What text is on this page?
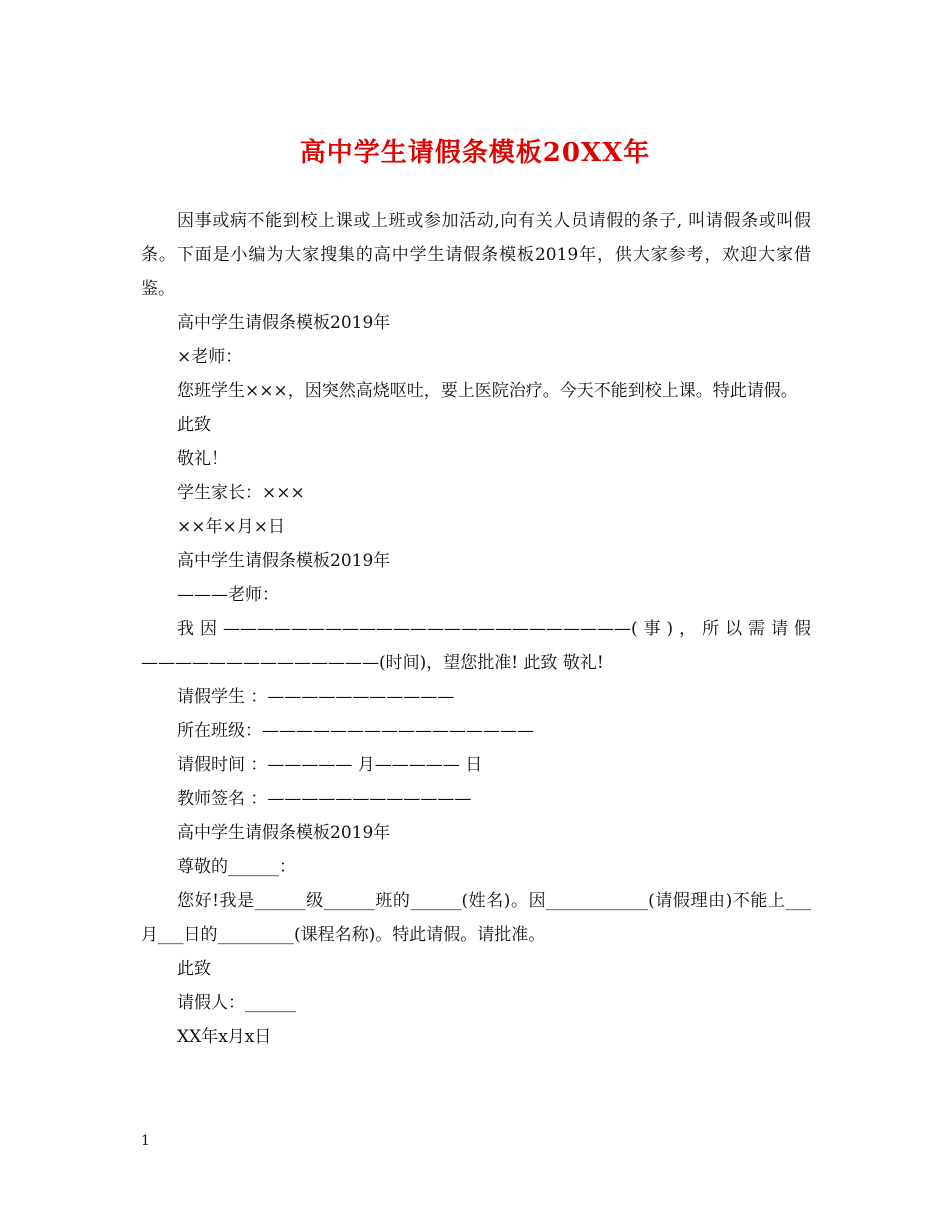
高中学生请假条模板20XX年

因事或病不能到校上课或上班或参加活动,向有关人员请假的条子, 叫请假条或叫假条。下面是小编为大家搜集的高中学生请假条模板2019年，供大家参考，欢迎大家借鉴。

高中学生请假条模板2019年

×老师：

您班学生×××，因突然高烧呕吐，要上医院治疗。今天不能到校上课。特此请假。

此致

敬礼！

学生家长：×××

××年×月×日

高中学生请假条模板2019年

———老师：

我因————————————————————————(事)，所以需请假——————————————(时间)，望您批准! 此致 敬礼!

请假学生 ：———————————

所在班级：————————————————

请假时间 ：————— 月————— 日

教师签名 ：————————————

高中学生请假条模板2019年

尊敬的______：

您好!我是______级______班的______(姓名)。因____________(请假理由)不能上___月___日的_________(课程名称)。特此请假。请批准。

此致

请假人：______

XX年x月x日

1
